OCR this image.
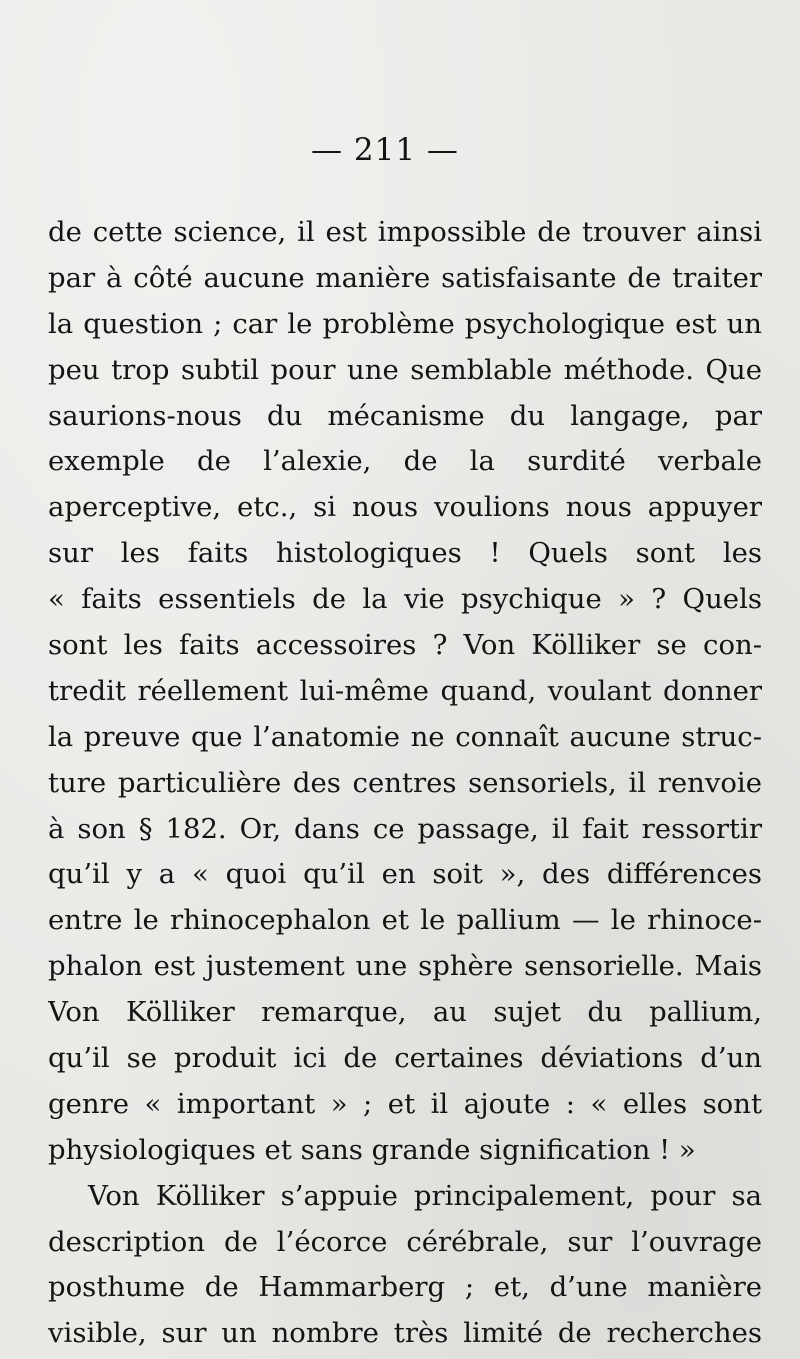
— 211 —
de cette science, il est impossible de trouver ainsi
par à côté aucune manière satisfaisante de traiter
la question ; car le problème psychologique est un
peu trop subtil pour une semblable méthode. Que
saurions-nous du mécanisme du langage, par
exemple de l’alexie, de la surdité verbale
aperceptive, etc., si nous voulions nous appuyer
sur les faits histologiques ! Quels sont les
« faits essentiels de la vie psychique » ? Quels
sont les faits accessoires ? Von Kölliker se con-
tredit réellement lui-même quand, voulant donner
la preuve que l’anatomie ne connaît aucune struc-
ture particulière des centres sensoriels, il renvoie
à son § 182. Or, dans ce passage, il fait ressortir
qu’il y a « quoi qu’il en soit », des différences
entre le rhinocephalon et le pallium — le rhinoce-
phalon est justement une sphère sensorielle. Mais
Von Kölliker remarque, au sujet du pallium,
qu’il se produit ici de certaines déviations d’un
genre « important » ; et il ajoute : « elles sont
physiologiques et sans grande signification ! »
Von Kölliker s’appuie principalement, pour sa
description de l’écorce cérébrale, sur l’ouvrage
posthume de Hammarberg ; et, d’une manière
visible, sur un nombre très limité de recherches
